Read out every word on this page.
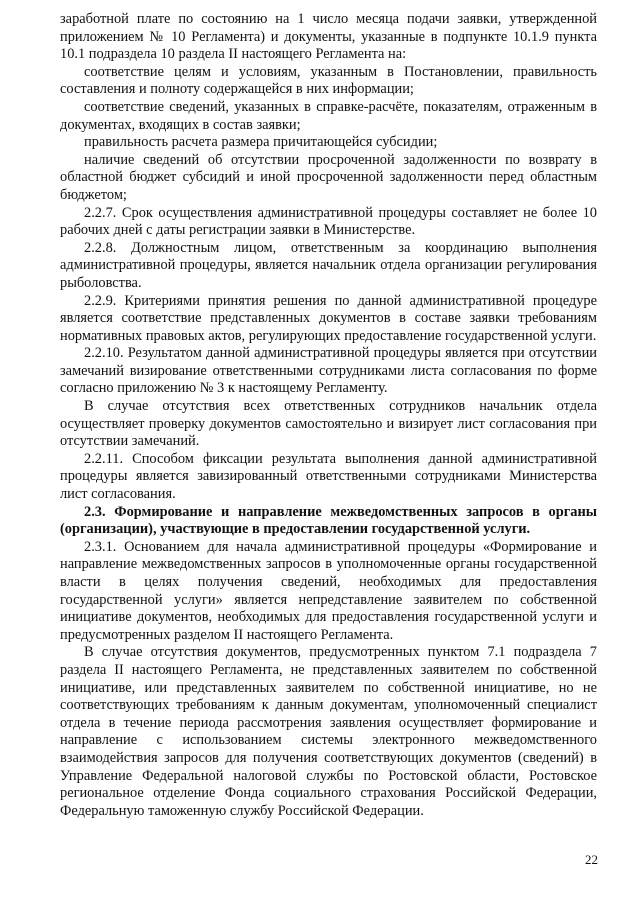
заработной плате по состоянию на 1 число месяца подачи заявки, утвержденной приложением № 10 Регламента) и документы, указанные в подпункте 10.1.9 пункта 10.1 подраздела 10 раздела II настоящего Регламента на:

соответствие целям и условиям, указанным в Постановлении, правильность составления и полноту содержащейся в них информации;

соответствие сведений, указанных в справке-расчёте, показателям, отраженным в документах, входящих в состав заявки;

правильность расчета размера причитающейся субсидии;

наличие сведений об отсутствии просроченной задолженности по возврату в областной бюджет субсидий и иной просроченной задолженности перед областным бюджетом;

2.2.7. Срок осуществления административной процедуры составляет не более 10 рабочих дней с даты регистрации заявки в Министерстве.

2.2.8. Должностным лицом, ответственным за координацию выполнения административной процедуры, является начальник отдела организации регулирования рыболовства.

2.2.9. Критериями принятия решения по данной административной процедуре является соответствие представленных документов в составе заявки требованиям нормативных правовых актов, регулирующих предоставление государственной услуги.

2.2.10. Результатом данной административной процедуры является при отсутствии замечаний визирование ответственными сотрудниками листа согласования по форме согласно приложению № 3 к настоящему Регламенту.

В случае отсутствия всех ответственных сотрудников начальник отдела осуществляет проверку документов самостоятельно и визирует лист согласования при отсутствии замечаний.

2.2.11. Способом фиксации результата выполнения данной административной процедуры является завизированный ответственными сотрудниками Министерства лист согласования.

2.3. Формирование и направление межведомственных запросов в органы (организации), участвующие в предоставлении государственной услуги.

2.3.1. Основанием для начала административной процедуры «Формирование и направление межведомственных запросов в уполномоченные органы государственной власти в целях получения сведений, необходимых для предоставления государственной услуги» является непредставление заявителем по собственной инициативе документов, необходимых для предоставления государственной услуги и предусмотренных разделом II настоящего Регламента.

В случае отсутствия документов, предусмотренных пунктом 7.1 подраздела 7 раздела II настоящего Регламента, не представленных заявителем по собственной инициативе, или представленных заявителем по собственной инициативе, но не соответствующих требованиям к данным документам, уполномоченный специалист отдела в течение периода рассмотрения заявления осуществляет формирование и направление с использованием системы электронного межведомственного взаимодействия запросов для получения соответствующих документов (сведений) в Управление Федеральной налоговой службы по Ростовской области, Ростовское региональное отделение Фонда социального страхования Российской Федерации, Федеральную таможенную службу Российской Федерации.

22
